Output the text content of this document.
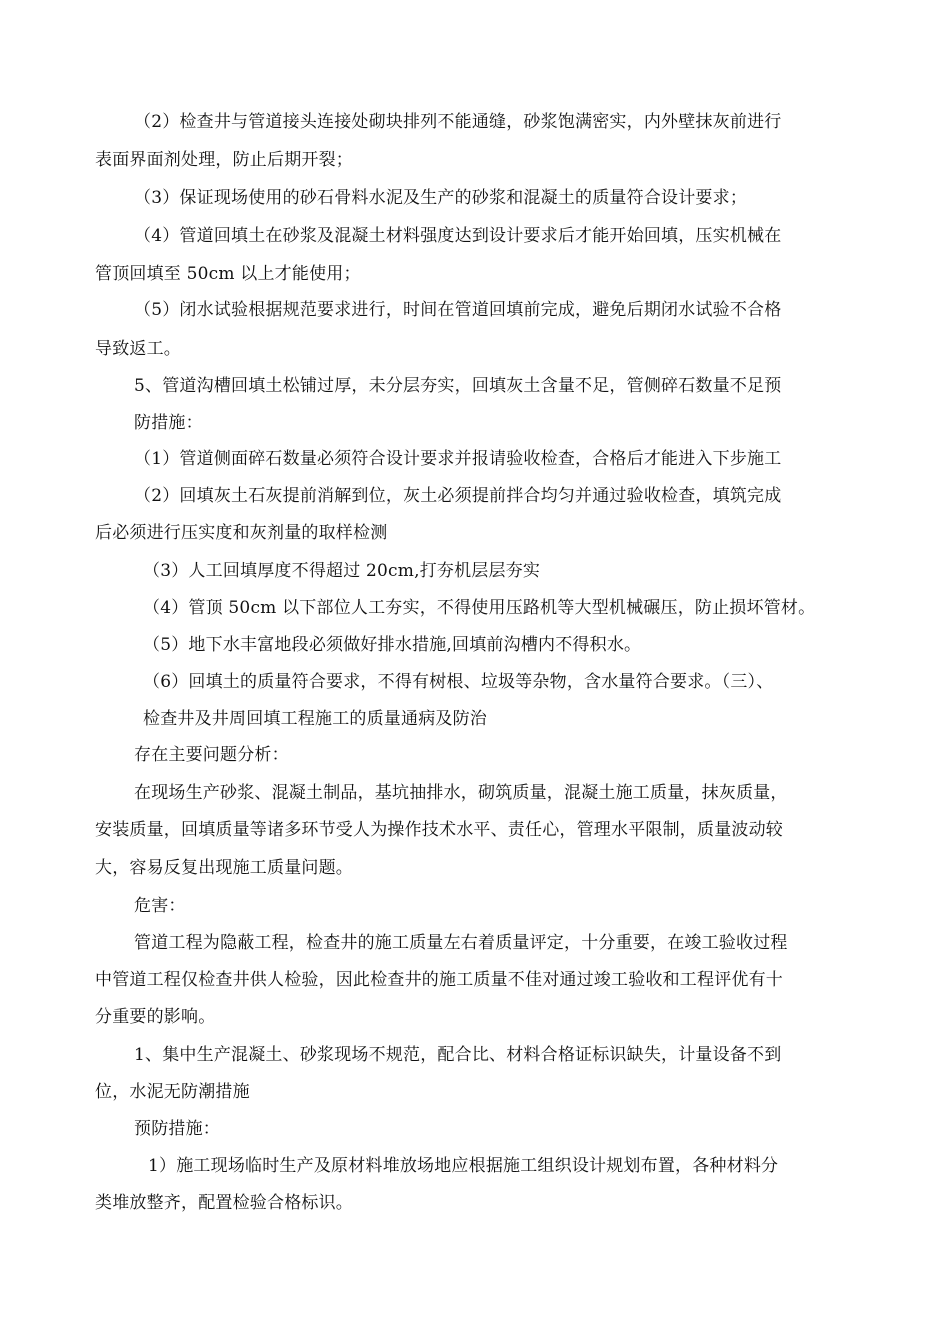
（2）检查井与管道接头连接处砌块排列不能通缝，砂浆饱满密实，内外壁抹灰前进行
表面界面剂处理，防止后期开裂；
（3）保证现场使用的砂石骨料水泥及生产的砂浆和混凝土的质量符合设计要求；
（4）管道回填土在砂浆及混凝土材料强度达到设计要求后才能开始回填，压实机械在
管顶回填至 50cm 以上才能使用；
（5）闭水试验根据规范要求进行，时间在管道回填前完成，避免后期闭水试验不合格
导致返工。
5、管道沟槽回填土松铺过厚，未分层夯实，回填灰土含量不足，管侧碎石数量不足预
防措施：
（1）管道侧面碎石数量必须符合设计要求并报请验收检查，合格后才能进入下步施工
（2）回填灰土石灰提前消解到位，灰土必须提前拌合均匀并通过验收检查，填筑完成
后必须进行压实度和灰剂量的取样检测
（3）人工回填厚度不得超过 20cm,打夯机层层夯实
（4）管顶 50cm 以下部位人工夯实，不得使用压路机等大型机械碾压，防止损坏管材。
（5）地下水丰富地段必须做好排水措施,回填前沟槽内不得积水。
（6）回填土的质量符合要求，不得有树根、垃圾等杂物，含水量符合要求。（三）、
检查井及井周回填工程施工的质量通病及防治
存在主要问题分析：
在现场生产砂浆、混凝土制品，基坑抽排水，砌筑质量，混凝土施工质量，抹灰质量，
安装质量，回填质量等诸多环节受人为操作技术水平、责任心，管理水平限制，质量波动较
大，容易反复出现施工质量问题。
危害：
管道工程为隐蔽工程，检查井的施工质量左右着质量评定，十分重要，在竣工验收过程
中管道工程仅检查井供人检验，因此检查井的施工质量不佳对通过竣工验收和工程评优有十
分重要的影响。
1、集中生产混凝土、砂浆现场不规范，配合比、材料合格证标识缺失，计量设备不到
位，水泥无防潮措施
预防措施：
1）施工现场临时生产及原材料堆放场地应根据施工组织设计规划布置，各种材料分
类堆放整齐，配置检验合格标识。
